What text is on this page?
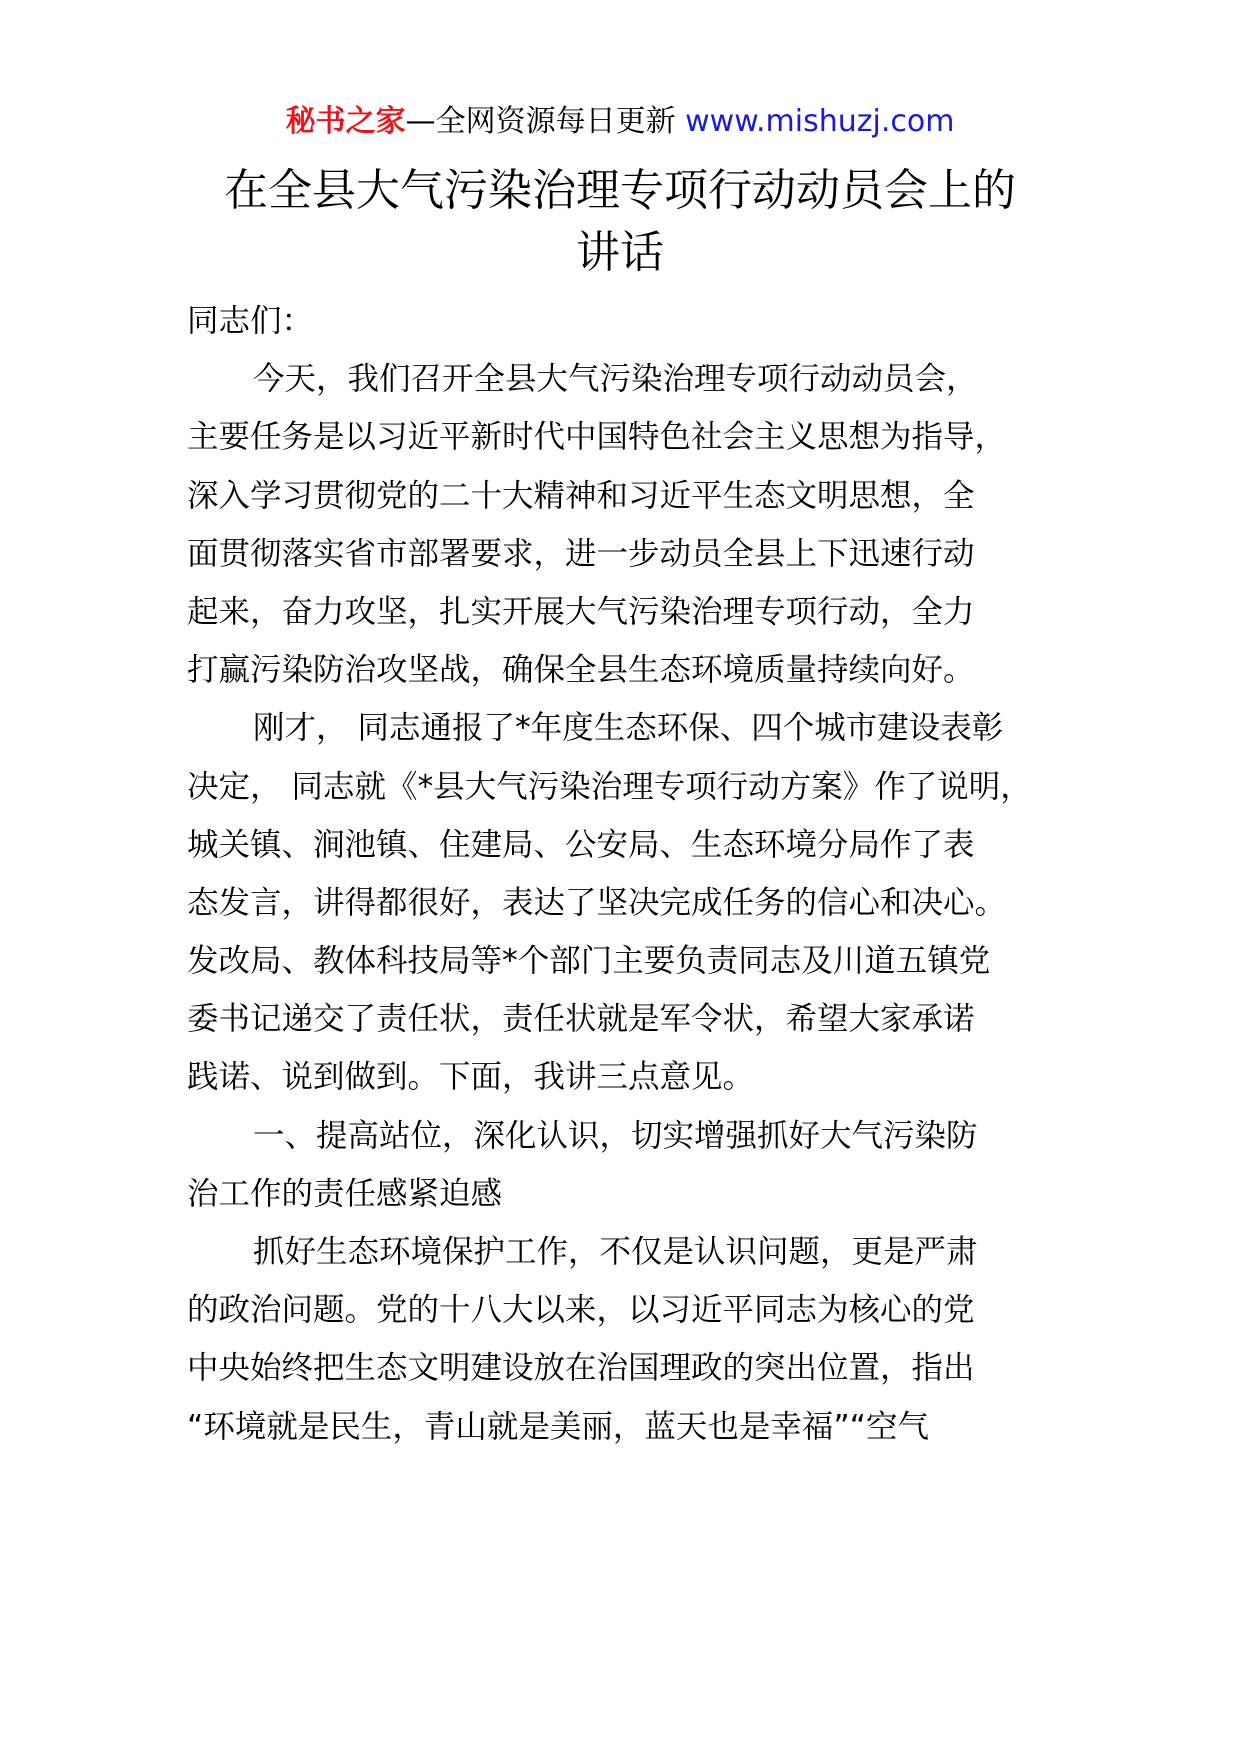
秘书之家—全网资源每日更新 www.mishuzj.com
在全县大气污染治理专项行动动员会上的
讲话
同志们：
今天，我们召开全县大气污染治理专项行动动员会，
主要任务是以习近平新时代中国特色社会主义思想为指导，
深入学习贯彻党的二十大精神和习近平生态文明思想，全
面贯彻落实省市部署要求，进一步动员全县上下迅速行动
起来，奋力攻坚，扎实开展大气污染治理专项行动，全力
打赢污染防治攻坚战，确保全县生态环境质量持续向好。
刚才， 同志通报了*年度生态环保、四个城市建设表彰
决定， 同志就《*县大气污染治理专项行动方案》作了说明，
城关镇、涧池镇、住建局、公安局、生态环境分局作了表
态发言，讲得都很好，表达了坚决完成任务的信心和决心。
发改局、教体科技局等*个部门主要负责同志及川道五镇党
委书记递交了责任状，责任状就是军令状，希望大家承诺
践诺、说到做到。下面，我讲三点意见。
一、提高站位，深化认识，切实增强抓好大气污染防
治工作的责任感紧迫感
抓好生态环境保护工作，不仅是认识问题，更是严肃
的政治问题。党的十八大以来，以习近平同志为核心的党
中央始终把生态文明建设放在治国理政的突出位置，指出
“环境就是民生，青山就是美丽，蓝天也是幸福”“空气
